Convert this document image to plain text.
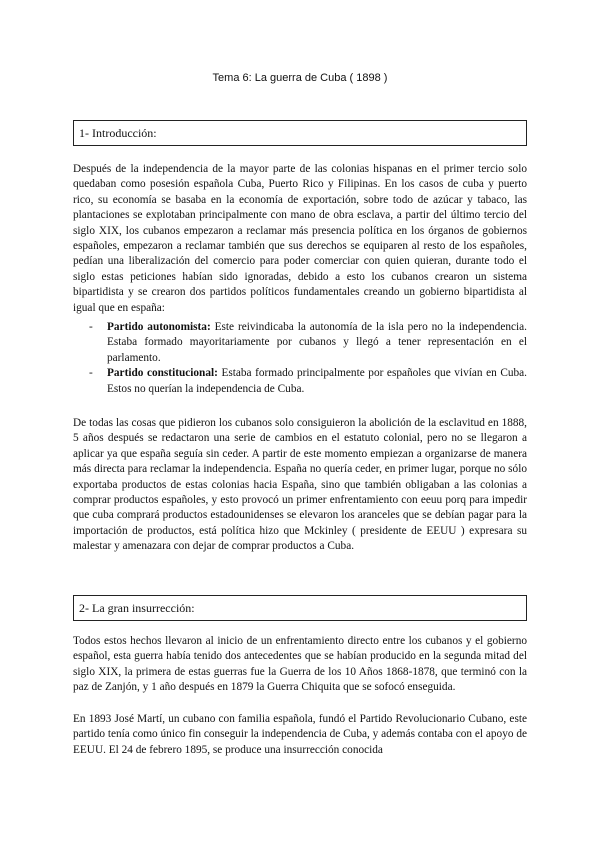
Tema 6: La guerra de Cuba ( 1898 )
1- Introducción:

Después de la independencia de la mayor parte de las colonias hispanas en el primer tercio solo quedaban como posesión española Cuba, Puerto Rico y Filipinas. En los casos de cuba y puerto rico, su economía se basaba en la economía de exportación, sobre todo de azúcar y tabaco, las plantaciones se explotaban principalmente con mano de obra esclava, a partir del último tercio del siglo XIX, los cubanos empezaron a reclamar más presencia política en los órganos de gobiernos españoles, empezaron a reclamar también que sus derechos se equiparen al resto de los españoles, pedían una liberalización del comercio para poder comerciar con quien quieran, durante todo el siglo estas peticiones habían sido ignoradas, debido a esto los cubanos crearon un sistema bipartidista y se crearon dos partidos políticos fundamentales creando un gobierno bipartidista al igual que en españa:

- Partido autonomista: Este reivindicaba la autonomía de la isla pero no la independencia. Estaba formado mayoritariamente por cubanos y llegó a tener representación en el parlamento.
- Partido constitucional: Estaba formado principalmente por españoles que vivían en Cuba. Estos no querían la independencia de Cuba.

De todas las cosas que pidieron los cubanos solo consiguieron la abolición de la esclavitud en 1888, 5 años después se redactaron una serie de cambios en el estatuto colonial, pero no se llegaron a aplicar ya que españa seguía sin ceder. A partir de este momento empiezan a organizarse de manera más directa para reclamar la independencia. España no quería ceder, en primer lugar, porque no sólo exportaba productos de estas colonias hacia España, sino que también obligaban a las colonias a comprar productos españoles, y esto provocó un primer enfrentamiento con eeuu porq para impedir que cuba comprará productos estadounidenses se elevaron los aranceles que se debían pagar para la importación de productos, está política hizo que Mckinley ( presidente de EEUU ) expresara su malestar y amenazara con dejar de comprar productos a Cuba.

2- La gran insurrección:

Todos estos hechos llevaron al inicio de un enfrentamiento directo entre los cubanos y el gobierno español, esta guerra había tenido dos antecedentes que se habían producido en la segunda mitad del siglo XIX, la primera de estas guerras fue la Guerra de los 10 Años 1868-1878, que terminó con la paz de Zanjón, y 1 año después en 1879 la Guerra Chiquita que se sofocó enseguida.

En 1893 José Martí, un cubano con familia española, fundó el Partido Revolucionario Cubano, este partido tenía como único fin conseguir la independencia de Cuba, y además contaba con el apoyo de EEUU. El 24 de febrero 1895, se produce una insurrección conocida
